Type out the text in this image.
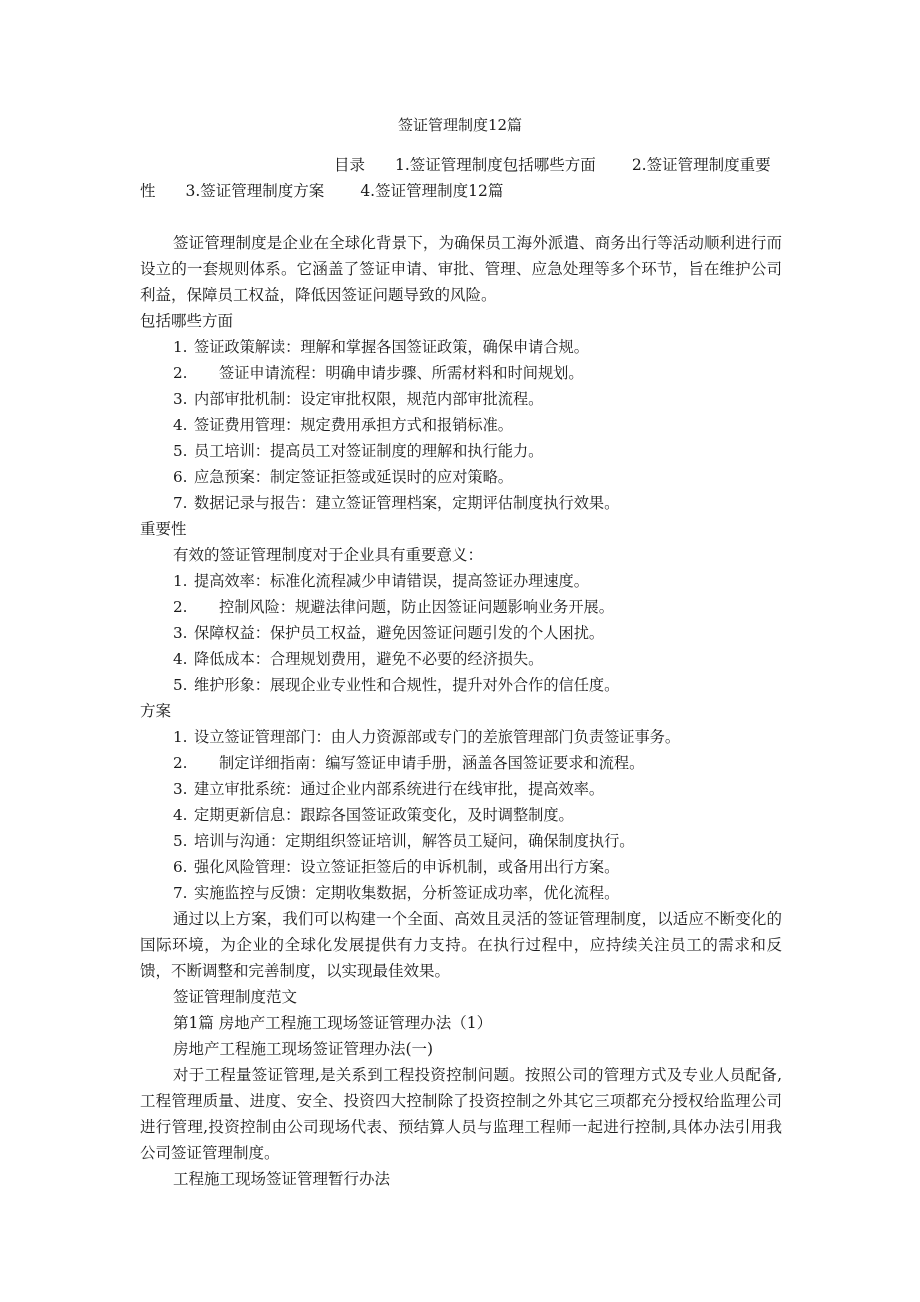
签证管理制度12篇
目录 1.签证管理制度包括哪些方面 2.签证管理制度重要
性 3.签证管理制度方案 4.签证管理制度12篇
签证管理制度是企业在全球化背景下，为确保员工海外派遣、商务出行等活动顺利进行而设立的一套规则体系。它涵盖了签证申请、审批、管理、应急处理等多个环节，旨在维护公司利益，保障员工权益，降低因签证问题导致的风险。
包括哪些方面
1. 签证政策解读：理解和掌握各国签证政策，确保申请合规。
2. 签证申请流程：明确申请步骤、所需材料和时间规划。
3. 内部审批机制：设定审批权限，规范内部审批流程。
4. 签证费用管理：规定费用承担方式和报销标准。
5. 员工培训：提高员工对签证制度的理解和执行能力。
6. 应急预案：制定签证拒签或延误时的应对策略。
7. 数据记录与报告：建立签证管理档案，定期评估制度执行效果。
重要性
有效的签证管理制度对于企业具有重要意义：
1. 提高效率：标准化流程减少申请错误，提高签证办理速度。
2. 控制风险：规避法律问题，防止因签证问题影响业务开展。
3. 保障权益：保护员工权益，避免因签证问题引发的个人困扰。
4. 降低成本：合理规划费用，避免不必要的经济损失。
5. 维护形象：展现企业专业性和合规性，提升对外合作的信任度。
方案
1. 设立签证管理部门：由人力资源部或专门的差旅管理部门负责签证事务。
2. 制定详细指南：编写签证申请手册，涵盖各国签证要求和流程。
3. 建立审批系统：通过企业内部系统进行在线审批，提高效率。
4. 定期更新信息：跟踪各国签证政策变化，及时调整制度。
5. 培训与沟通：定期组织签证培训，解答员工疑问，确保制度执行。
6. 强化风险管理：设立签证拒签后的申诉机制，或备用出行方案。
7. 实施监控与反馈：定期收集数据，分析签证成功率，优化流程。
通过以上方案，我们可以构建一个全面、高效且灵活的签证管理制度，以适应不断变化的国际环境，为企业的全球化发展提供有力支持。在执行过程中，应持续关注员工的需求和反馈，不断调整和完善制度，以实现最佳效果。
签证管理制度范文
第1篇 房地产工程施工现场签证管理办法（1）
房地产工程施工现场签证管理办法(一)
对于工程量签证管理,是关系到工程投资控制问题。按照公司的管理方式及专业人员配备,工程管理质量、进度、安全、投资四大控制除了投资控制之外其它三项都充分授权给监理公司进行管理,投资控制由公司现场代表、预结算人员与监理工程师一起进行控制,具体办法引用我公司签证管理制度。
工程施工现场签证管理暂行办法
